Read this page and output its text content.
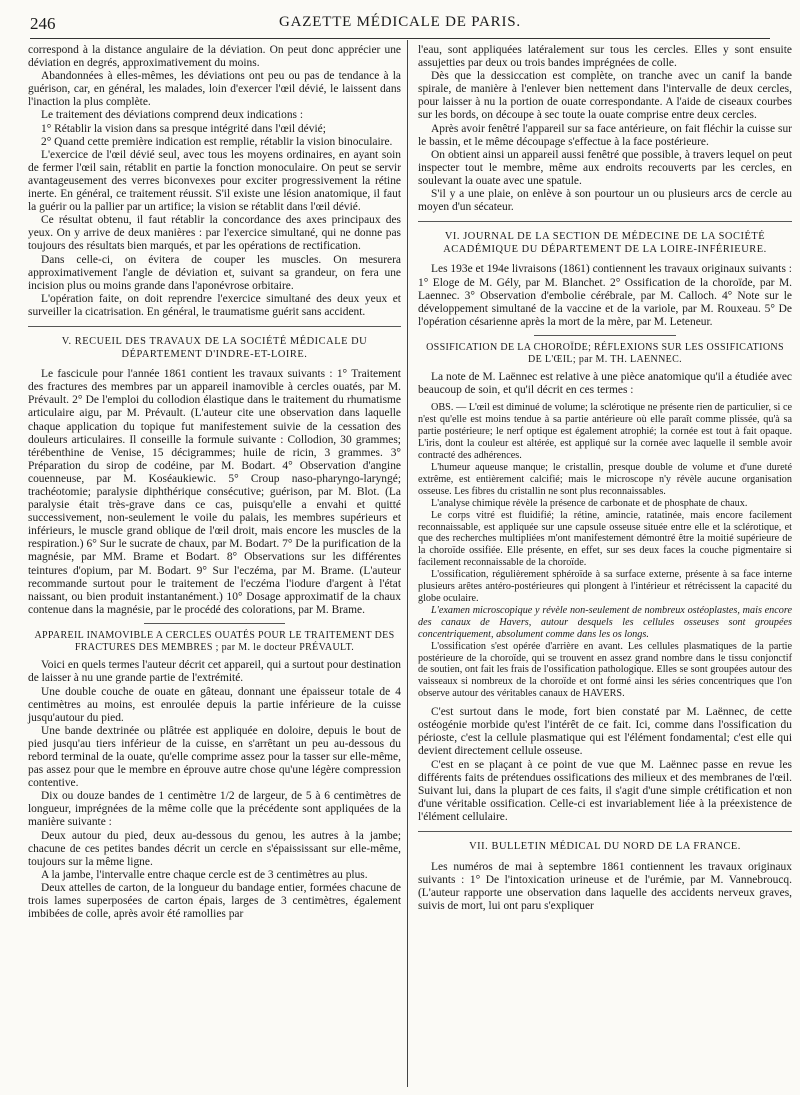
246	GAZETTE MÉDICALE DE PARIS.

correspond à la distance angulaire de la déviation. On peut donc apprécier une déviation en degrés, approximativement du moins.

Abandonnées à elles-mêmes, les déviations ont peu ou pas de tendance à la guérison, car, en général, les malades, loin d'exercer l'œil dévié, le laissent dans l'inaction la plus complète.

Le traitement des déviations comprend deux indications :

1° Rétablir la vision dans sa presque intégrité dans l'œil dévié;

2° Quand cette première indication est remplie, rétablir la vision binoculaire.

L'exercice de l'œil dévié seul, avec tous les moyens ordinaires, en ayant soin de fermer l'œil sain, rétablit en partie la fonction monoculaire. On peut se servir avantageusement des verres biconvexes pour exciter progressivement la rétine inerte. En général, ce traitement réussit. S'il existe une lésion anatomique, il faut la guérir ou la pallier par un artifice; la vision se rétablit dans l'œil dévié.

Ce résultat obtenu, il faut rétablir la concordance des axes principaux des yeux. On y arrive de deux manières : par l'exercice simultané, qui ne donne pas toujours des résultats bien marqués, et par les opérations de rectification.

Dans celle-ci, on évitera de couper les muscles. On mesurera approximativement l'angle de déviation et, suivant sa grandeur, on fera une incision plus ou moins grande dans l'aponévrose orbitaire.

L'opération faite, on doit reprendre l'exercice simultané des deux yeux et surveiller la cicatrisation. En général, le traumatisme guérit sans accident.

V. RECUEIL DES TRAVAUX DE LA SOCIÉTÉ MÉDICALE DU DÉPARTEMENT D'INDRE-ET-LOIRE.

Le fascicule pour l'année 1861 contient les travaux suivants : 1° Traitement des fractures des membres par un appareil inamovible à cercles ouatés, par M. Prévault. 2° De l'emploi du collodion élastique dans le traitement du rhumatisme articulaire aigu, par M. Prévault. (L'auteur cite une observation dans laquelle chaque application du topique fut manifestement suivie de la cessation des douleurs articulaires. Il conseille la formule suivante : Collodion, 30 grammes; térébenthine de Venise, 15 décigrammes; huile de ricin, 3 grammes. 3° Préparation du sirop de codéine, par M. Bodart. 4° Observation d'angine couenneuse, par M. Koséaukiewic. 5° Croup naso-pharyngo-laryngé; trachéotomie; paralysie diphthérique consécutive; guérison, par M. Blot. (La paralysie était très-grave dans ce cas, puisqu'elle a envahi et quitté successivement, non-seulement le voile du palais, les membres supérieurs et inférieurs, le muscle grand oblique de l'œil droit, mais encore les muscles de la respiration.) 6° Sur le sucrate de chaux, par M. Bodart. 7° De la purification de la magnésie, par MM. Brame et Bodart. 8° Observations sur les différentes teintures d'opium, par M. Bodart. 9° Sur l'eczéma, par M. Brame. (L'auteur recommande surtout pour le traitement de l'eczéma l'iodure d'argent à l'état naissant, ou bien produit instantanément.) 10° Dosage approximatif de la chaux contenue dans la magnésie, par le procédé des colorations, par M. Brame.

APPAREIL INAMOVIBLE A CERCLES OUATÉS POUR LE TRAITEMENT DES FRACTURES DES MEMBRES ; par M. le docteur PRÉVAULT.

Voici en quels termes l'auteur décrit cet appareil, qui a surtout pour destination de laisser à nu une grande partie de l'extrémité.

Une double couche de ouate en gâteau, donnant une épaisseur totale de 4 centimètres au moins, est enroulée depuis la partie inférieure de la cuisse jusqu'autour du pied.

Une bande dextrinée ou plâtrée est appliquée en doloire, depuis le bout de pied jusqu'au tiers inférieur de la cuisse, en s'arrêtant un peu au-dessous du rebord terminal de la ouate, qu'elle comprime assez pour la tasser sur elle-même, pas assez pour que le membre en éprouve autre chose qu'une légère compression contentive.

Dix ou douze bandes de 1 centimètre 1/2 de largeur, de 5 à 6 centimètres de longueur, imprégnées de la même colle que la précédente sont appliquées de la manière suivante :

Deux autour du pied, deux au-dessous du genou, les autres à la jambe; chacune de ces petites bandes décrit un cercle en s'épaississant sur elle-même, toujours sur la même ligne.

A la jambe, l'intervalle entre chaque cercle est de 3 centimètres au plus.

Deux attelles de carton, de la longueur du bandage entier, formées chacune de trois lames superposées de carton épais, larges de 3 centimètres, également imbibées de colle, après avoir été ramollies par

l'eau, sont appliquées latéralement sur tous les cercles. Elles y sont ensuite assujetties par deux ou trois bandes imprégnées de colle.

Dès que la dessiccation est complète, on tranche avec un canif la bande spirale, de manière à l'enlever bien nettement dans l'intervalle de deux cercles, pour laisser à nu la portion de ouate correspondante. A l'aide de ciseaux courbes sur les bords, on découpe à sec toute la ouate comprise entre deux cercles.

Après avoir fenêtré l'appareil sur sa face antérieure, on fait fléchir la cuisse sur le bassin, et le même découpage s'effectue à la face postérieure.

On obtient ainsi un appareil aussi fenêtré que possible, à travers lequel on peut inspecter tout le membre, même aux endroits recouverts par les cercles, en soulevant la ouate avec une spatule.

S'il y a une plaie, on enlève à son pourtour un ou plusieurs arcs de cercle au moyen d'un sécateur.

VI. JOURNAL DE LA SECTION DE MÉDECINE DE LA SOCIÉTÉ ACADÉMIQUE DU DÉPARTEMENT DE LA LOIRE-INFÉRIEURE.

Les 193e et 194e livraisons (1861) contiennent les travaux originaux suivants : 1° Eloge de M. Gély, par M. Blanchet. 2° Ossification de la choroïde, par M. Laennec. 3° Observation d'embolie cérébrale, par M. Calloch. 4° Note sur le développement simultané de la vaccine et de la variole, par M. Rouxeau. 5° De l'opération césarienne après la mort de la mère, par M. Leteneur.

OSSIFICATION DE LA CHOROÏDE; RÉFLEXIONS SUR LES OSSIFICATIONS DE L'ŒIL; par M. TH. LAENNEC.

La note de M. Laënnec est relative à une pièce anatomique qu'il a étudiée avec beaucoup de soin, et qu'il décrit en ces termes :

OBS. — L'œil est diminué de volume; la sclérotique ne présente rien de particulier, si ce n'est qu'elle est moins tendue à sa partie antérieure où elle paraît comme plissée, qu'à sa partie postérieure; le nerf optique est également atrophié; la cornée est tout à fait opaque. L'iris, dont la couleur est altérée, est appliqué sur la cornée avec laquelle il semble avoir contracté des adhérences.

L'humeur aqueuse manque; le cristallin, presque double de volume et d'une dureté extrême, est entièrement calcifié; mais le microscope n'y révèle aucune organisation osseuse. Les fibres du cristallin ne sont plus reconnaissables.

L'analyse chimique révèle la présence de carbonate et de phosphate de chaux.

Le corps vitré est fluidifié; la rétine, amincie, ratatinée, mais encore facilement reconnaissable, est appliquée sur une capsule osseuse située entre elle et la sclérotique, et que des recherches multipliées m'ont manifestement démontré être la moitié supérieure de la choroïde ossifiée. Elle présente, en effet, sur ses deux faces la couche pigmentaire si facilement reconnaissable de la choroïde.

L'ossification, régulièrement sphéroïde à sa surface externe, présente à sa face interne plusieurs arêtes antéro-postérieures qui plongent à l'intérieur et rétrécissent la capacité du globe oculaire.

L'examen microscopique y révèle non-seulement de nombreux ostéoplastes, mais encore des canaux de Havers, autour desquels les cellules osseuses sont groupées concentriquement, absolument comme dans les os longs.

L'ossification s'est opérée d'arrière en avant. Les cellules plasmatiques de la partie postérieure de la choroïde, qui se trouvent en assez grand nombre dans le tissu conjonctif de soutien, ont fait les frais de l'ossification pathologique. Elles se sont groupées autour des vaisseaux si nombreux de la choroïde et ont formé ainsi les séries concentriques que l'on observe autour des véritables canaux de HAVERS.

C'est surtout dans le mode, fort bien constaté par M. Laënnec, de cette ostéogénie morbide qu'est l'intérêt de ce fait. Ici, comme dans l'ossification du périoste, c'est la cellule plasmatique qui est l'élément fondamental; c'est elle qui devient directement cellule osseuse.

C'est en se plaçant à ce point de vue que M. Laënnec passe en revue les différents faits de prétendues ossifications des milieux et des membranes de l'œil. Suivant lui, dans la plupart de ces faits, il s'agit d'une simple crétification et non d'une véritable ossification. Celle-ci est invariablement liée à la préexistence de l'élément cellulaire.

VII. BULLETIN MÉDICAL DU NORD DE LA FRANCE.

Les numéros de mai à septembre 1861 contiennent les travaux originaux suivants : 1° De l'intoxication urineuse et de l'urémie, par M. Vannebroucq. (L'auteur rapporte une observation dans laquelle des accidents nerveux graves, suivis de mort, lui ont paru s'expliquer
